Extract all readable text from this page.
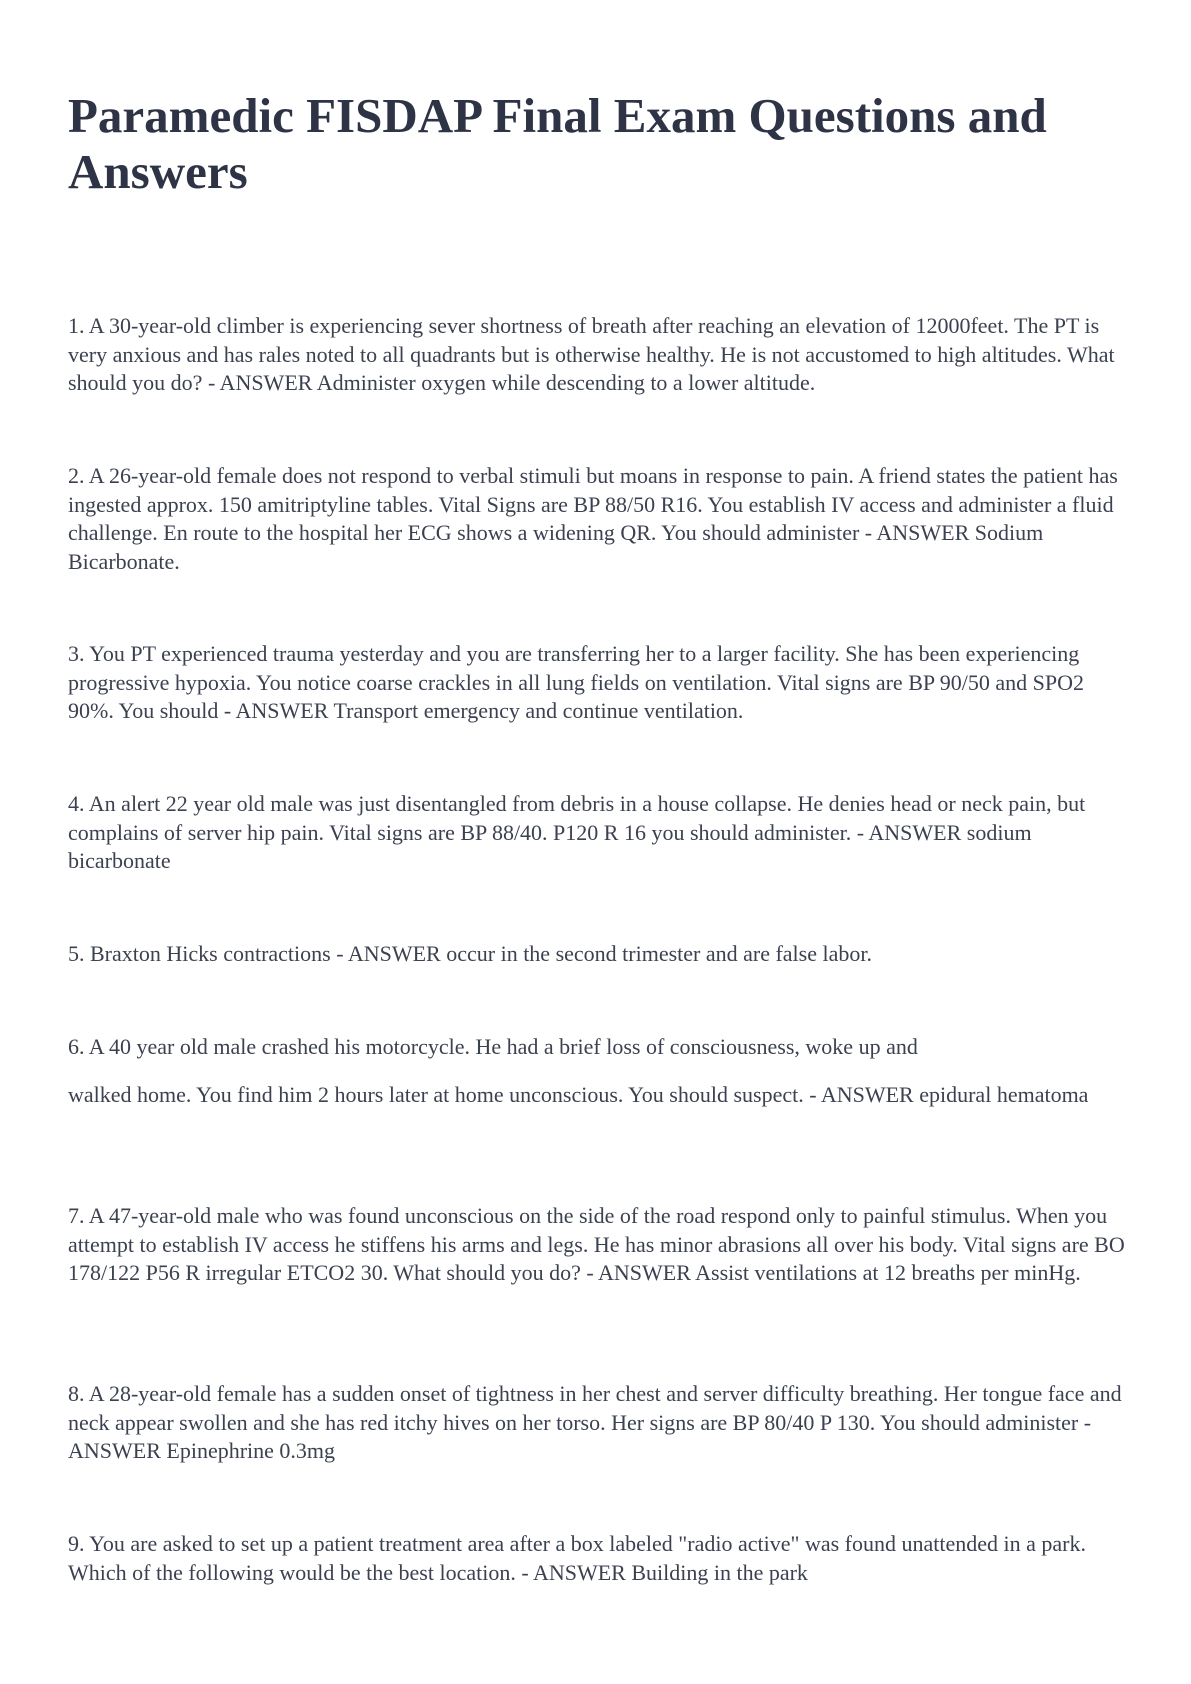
Paramedic FISDAP Final Exam Questions and Answers

1. A 30-year-old climber is experiencing sever shortness of breath after reaching an elevation of 12000feet. The PT is very anxious and has rales noted to all quadrants but is otherwise healthy. He is not accustomed to high altitudes. What should you do? - ANSWER Administer oxygen while descending to a lower altitude.

2. A 26-year-old female does not respond to verbal stimuli but moans in response to pain. A friend states the patient has ingested approx. 150 amitriptyline tables. Vital Signs are BP 88/50 R16. You establish IV access and administer a fluid challenge. En route to the hospital her ECG shows a widening QR. You should administer - ANSWER Sodium Bicarbonate.

3. You PT experienced trauma yesterday and you are transferring her to a larger facility. She has been experiencing progressive hypoxia. You notice coarse crackles in all lung fields on ventilation. Vital signs are BP 90/50 and SPO2 90%. You should - ANSWER Transport emergency and continue ventilation.

4. An alert 22 year old male was just disentangled from debris in a house collapse. He denies head or neck pain, but complains of server hip pain. Vital signs are BP 88/40. P120 R 16 you should administer. - ANSWER sodium bicarbonate

5. Braxton Hicks contractions - ANSWER occur in the second trimester and are false labor.

6. A 40 year old male crashed his motorcycle. He had a brief loss of consciousness, woke up and

walked home. You find him 2 hours later at home unconscious. You should suspect. - ANSWER epidural hematoma

7. A 47-year-old male who was found unconscious on the side of the road respond only to painful stimulus. When you attempt to establish IV access he stiffens his arms and legs. He has minor abrasions all over his body. Vital signs are BO 178/122 P56 R irregular ETCO2 30. What should you do? - ANSWER Assist ventilations at 12 breaths per minHg.

8. A 28-year-old female has a sudden onset of tightness in her chest and server difficulty breathing. Her tongue face and neck appear swollen and she has red itchy hives on her torso. Her signs are BP 80/40 P 130. You should administer - ANSWER Epinephrine 0.3mg

9. You are asked to set up a patient treatment area after a box labeled "radio active" was found unattended in a park. Which of the following would be the best location. - ANSWER Building in the park
